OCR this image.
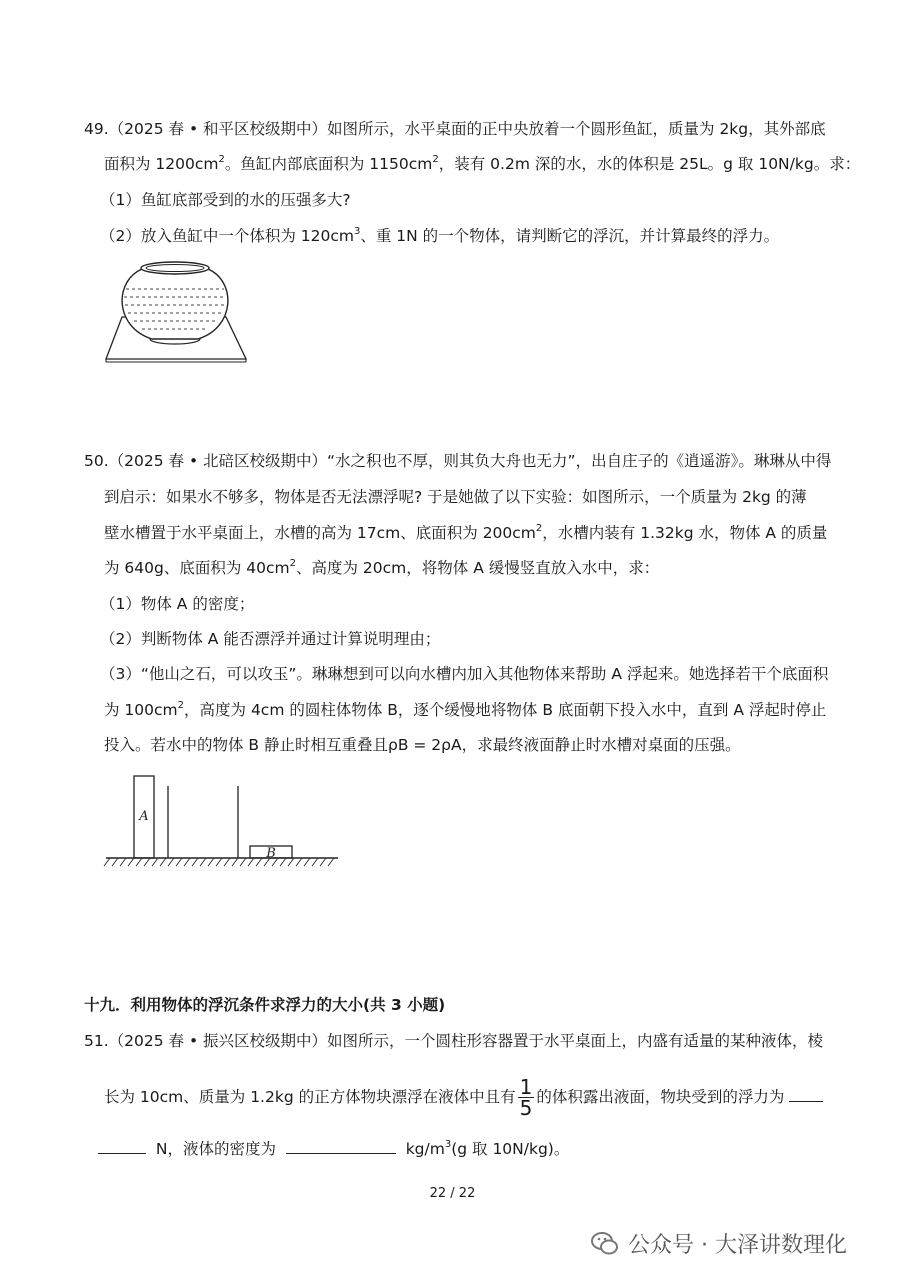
49.（2025 春 • 和平区校级期中）如图所示，水平桌面的正中央放着一个圆形鱼缸，质量为 2kg，其外部底
面积为 $1200cm^2$。鱼缸内部底面积为 $1150cm^2$，装有 0.2m 深的水，水的体积是 25L。g 取 10N/kg。求：
（1）鱼缸底部受到的水的压强多大?
（2）放入鱼缸中一个体积为 $120cm^3$、重 1N 的一个物体，请判断它的浮沉，并计算最终的浮力。
50.（2025 春 • 北碚区校级期中）“水之积也不厚，则其负大舟也无力”，出自庄子的《逍遥游》。琳琳从中得
到启示：如果水不够多，物体是否无法漂浮呢? 于是她做了以下实验：如图所示，一个质量为 2kg 的薄
壁水槽置于水平桌面上，水槽的高为 17cm、底面积为 $200cm^2$，水槽内装有 1.32kg 水，物体 A 的质量
为 640g、底面积为 $40cm^2$、高度为 20cm，将物体 A 缓慢竖直放入水中，求：
（1）物体 A 的密度；
（2）判断物体 A 能否漂浮并通过计算说明理由；
（3）“他山之石，可以攻玉”。琳琳想到可以向水槽内加入其他物体来帮助 A 浮起来。她选择若干个底面积
为 $100cm^2$，高度为 4cm 的圆柱体物体 B，逐个缓慢地将物体 B 底面朝下投入水中，直到 A 浮起时停止
投入。若水中的物体 B 静止时相互重叠且ρB = 2ρA，求最终液面静止时水槽对桌面的压强。
A
B
十九．利用物体的浮沉条件求浮力的大小(共 3 小题)
51.（2025 春 • 振兴区校级期中）如图所示，一个圆柱形容器置于水平桌面上，内盛有适量的某种液体，棱
长为 10cm、质量为 1.2kg 的正方体物块漂浮在液体中且有 $\frac{1}{5}$ 的体积露出液面，物块受到的浮力为
N，液体的密度为	$kg/m^3(g$ 取 10N/kg)。
22 / 22
公众号 · 大泽讲数理化
